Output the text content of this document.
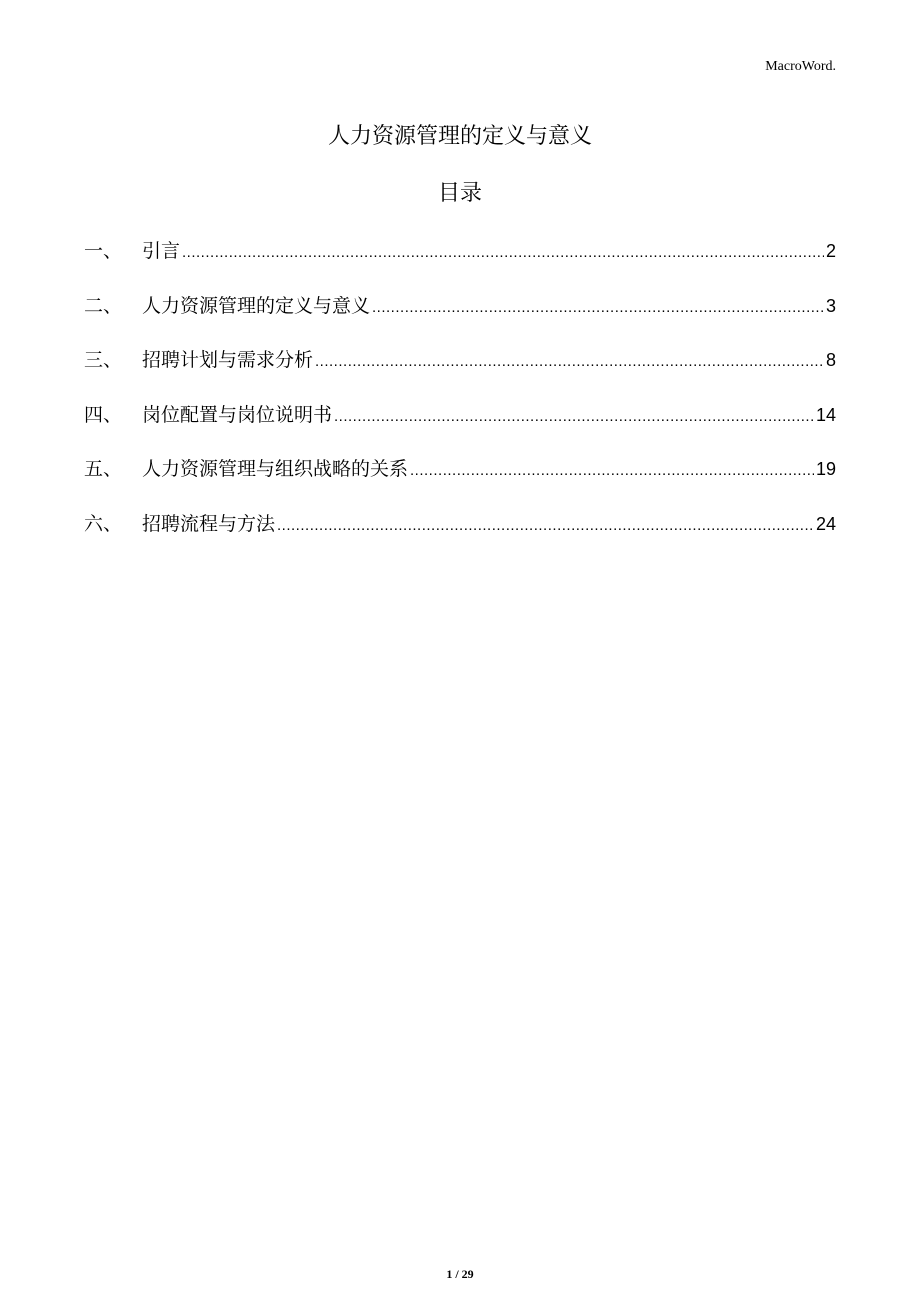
MacroWord.
人力资源管理的定义与意义
目录
一、	引言 .....	2
二、	人力资源管理的定义与意义 .....	3
三、	招聘计划与需求分析 .....	8
四、	岗位配置与岗位说明书 .....	14
五、	人力资源管理与组织战略的关系 .....	19
六、	招聘流程与方法 .....	24
1 / 29
